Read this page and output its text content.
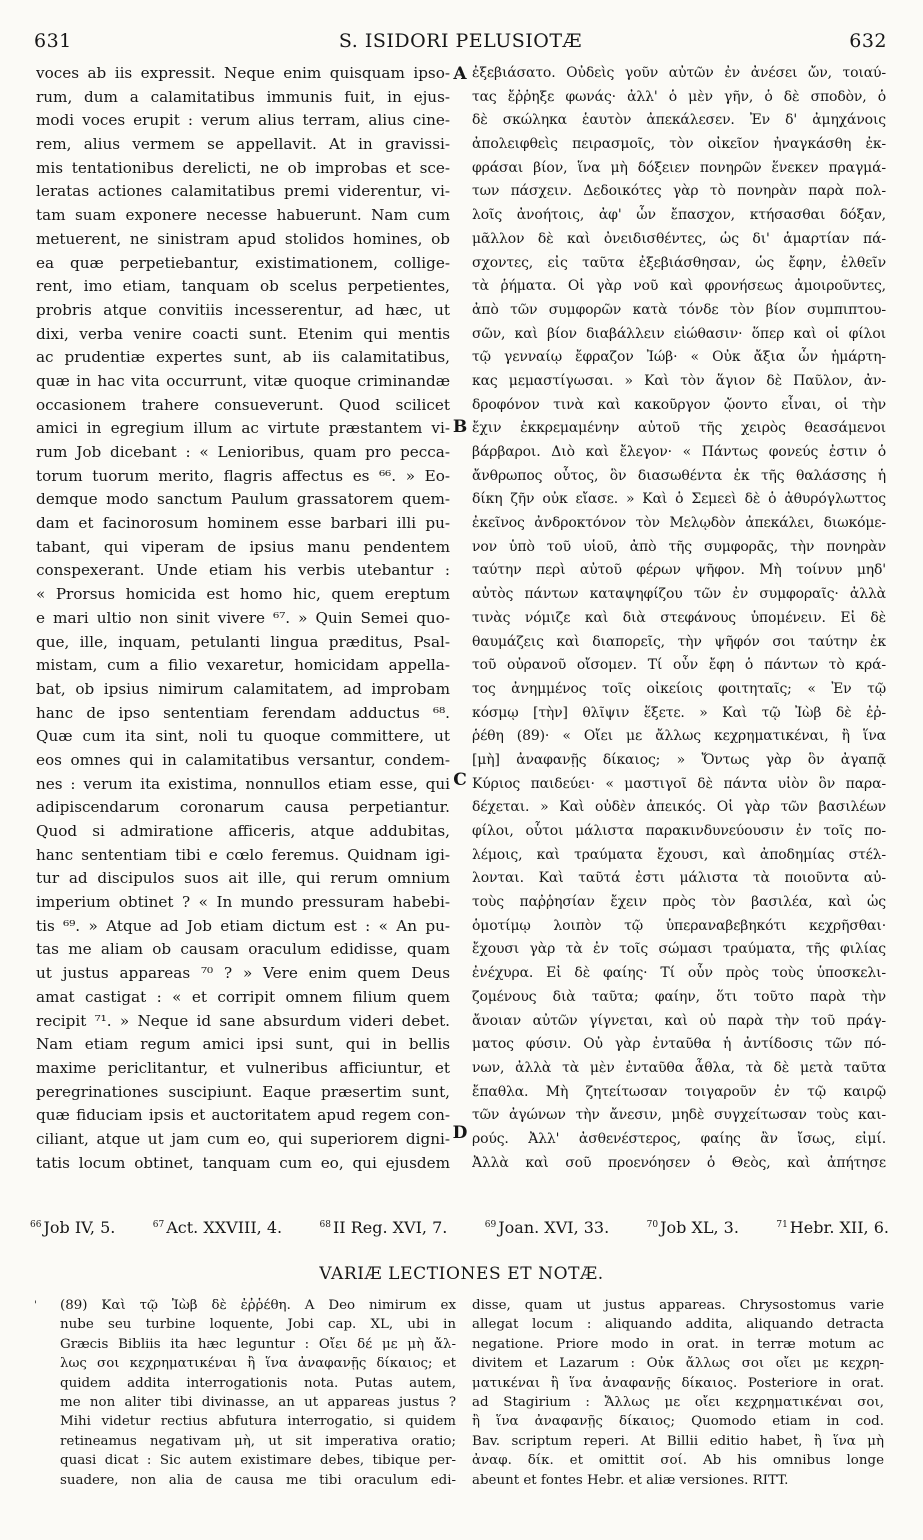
631	S. ISIDORI PELUSIOTÆ	632
voces ab iis expressit. Neque enim quisquam ipso-
rum, dum a calamitatibus immunis fuit, in ejus-
modi voces erupit : verum alius terram, alius cine-
rem, alius vermem se appellavit. At in gravissi-
mis tentationibus derelicti, ne ob improbas et sce-
leratas actiones calamitatibus premi viderentur, vi-
tam suam exponere necesse habuerunt. Nam cum
metuerent, ne sinistram apud stolidos homines, ob
ea quæ perpetiebantur, existimationem, collige-
rent, imo etiam, tanquam ob scelus perpetientes,
probris atque convitiis incesserentur, ad hæc, ut
dixi, verba venire coacti sunt. Etenim qui mentis
ac prudentiæ expertes sunt, ab iis calamitatibus,
quæ in hac vita occurrunt, vitæ quoque criminandæ
occasionem trahere consueverunt. Quod scilicet
amici in egregium illum ac virtute præstantem vi-
rum Job dicebant : « Lenioribus, quam pro pecca-
torum tuorum merito, flagris affectus es ⁶⁶. » Eo-
demque modo sanctum Paulum grassatorem quem-
dam et facinorosum hominem esse barbari illi pu-
tabant, qui viperam de ipsius manu pendentem
conspexerant. Unde etiam his verbis utebantur :
« Prorsus homicida est homo hic, quem ereptum
e mari ultio non sinit vivere ⁶⁷. » Quin Semei quo-
que, ille, inquam, petulanti lingua præditus, Psal-
mistam, cum a filio vexaretur, homicidam appella-
bat, ob ipsius nimirum calamitatem, ad improbam
hanc de ipso sententiam ferendam adductus ⁶⁸.
Quæ cum ita sint, noli tu quoque committere, ut
eos omnes qui in calamitatibus versantur, condem-
nes : verum ita existima, nonnullos etiam esse, qui
adipiscendarum coronarum causa perpetiantur.
Quod si admiratione afficeris, atque addubitas,
hanc sententiam tibi e cœlo feremus. Quidnam igi-
tur ad discipulos suos ait ille, qui rerum omnium
imperium obtinet ? « In mundo pressuram habebi-
tis ⁶⁹. » Atque ad Job etiam dictum est : « An pu-
tas me aliam ob causam oraculum edidisse, quam
ut justus appareas ⁷⁰ ? » Vere enim quem Deus
amat castigat : « et corripit omnem filium quem
recipit ⁷¹. » Neque id sane absurdum videri debet.
Nam etiam regum amici ipsi sunt, qui in bellis
maxime periclitantur, et vulneribus afficiuntur, et
peregrinationes suscipiunt. Eaque præsertim sunt,
quæ fiduciam ipsis et auctoritatem apud regem con-
ciliant, atque ut jam cum eo, qui superiorem digni-
tatis locum obtinet, tanquam cum eo, qui ejusdem
ἐξεβιάσατο. Οὐδεὶς γοῦν αὐτῶν ἐν ἀνέσει ὤν, τοιαύ-
τας ἔῤῥηξε φωνάς· ἀλλ' ὁ μὲν γῆν, ὁ δὲ σποδὸν, ὁ
δὲ σκώληκα ἑαυτὸν ἀπεκάλεσεν. Ἐν δ' ἀμηχάνοις
ἀπολειφθεὶς πειρασμοῖς, τὸν οἰκεῖον ἠναγκάσθη ἐκ-
φράσαι βίον, ἵνα μὴ δόξειεν πονηρῶν ἕνεκεν πραγμά-
των πάσχειν. Δεδοικότες γὰρ τὸ πονηρὰν παρὰ πολ-
λοῖς ἀνοήτοις, ἀφ' ὧν ἔπασχον, κτήσασθαι δόξαν,
μᾶλλον δὲ καὶ ὀνειδισθέντες, ὡς δι' ἁμαρτίαν πά-
σχοντες, εἰς ταῦτα ἐξεβιάσθησαν, ὡς ἔφην, ἐλθεῖν
τὰ ῥήματα. Οἱ γὰρ νοῦ καὶ φρονήσεως ἀμοιροῦντες,
ἀπὸ τῶν συμφορῶν κατὰ τόνδε τὸν βίον συμπιπτου-
σῶν, καὶ βίον διαβάλλειν εἰώθασιν· ὅπερ καὶ οἱ φίλοι
τῷ γενναίῳ ἔφραζον Ἰώβ· « Οὐκ ἄξια ὧν ἡμάρτη-
κας μεμαστίγωσαι. » Καὶ τὸν ἅγιον δὲ Παῦλον, ἀν-
δροφόνον τινὰ καὶ κακοῦργον ᾤοντο εἶναι, οἱ τὴν
ἔχιν ἐκκρεμαμένην αὐτοῦ τῆς χειρὸς θεασάμενοι
βάρβαροι. Διὸ καὶ ἔλεγον· « Πάντως φονεύς ἐστιν ὁ
ἄνθρωπος οὗτος, ὃν διασωθέντα ἐκ τῆς θαλάσσης ἡ
δίκη ζῆν οὐκ εἴασε. » Καὶ ὁ Σεμεεὶ δὲ ὁ ἀθυρόγλωττος
ἐκεῖνος ἀνδροκτόνον τὸν Μελῳδὸν ἀπεκάλει, διωκόμε-
νον ὑπὸ τοῦ υἱοῦ, ἀπὸ τῆς συμφορᾶς, τὴν πονηρὰν
ταύτην περὶ αὐτοῦ φέρων ψῆφον. Μὴ τοίνυν μηδ'
αὐτὸς πάντων καταψηφίζου τῶν ἐν συμφοραῖς· ἀλλὰ
τινὰς νόμιζε καὶ διὰ στεφάνους ὑπομένειν. Εἰ δὲ
θαυμάζεις καὶ διαπορεῖς, τὴν ψῆφόν σοι ταύτην ἐκ
τοῦ οὐρανοῦ οἴσομεν. Τί οὖν ἔφη ὁ πάντων τὸ κρά-
τος ἀνημμένος τοῖς οἰκείοις φοιτηταῖς; « Ἐν τῷ
κόσμῳ [τὴν] θλῖψιν ἕξετε. » Καὶ τῷ Ἰὼβ δὲ ἐῤ-
ῥέθη (89)· « Οἴει με ἄλλως κεχρηματικέναι, ἢ ἵνα
[μὴ] ἀναφανῇς δίκαιος; » Ὄντως γὰρ ὃν ἀγαπᾷ
Κύριος παιδεύει· « μαστιγοῖ δὲ πάντα υἱὸν ὃν παρα-
δέχεται. » Καὶ οὐδὲν ἀπεικός. Οἱ γὰρ τῶν βασιλέων
φίλοι, οὗτοι μάλιστα παρακινδυνεύουσιν ἐν τοῖς πο-
λέμοις, καὶ τραύματα ἔχουσι, καὶ ἀποδημίας στέλ-
λονται. Καὶ ταῦτά ἐστι μάλιστα τὰ ποιοῦντα αὐ-
τοὺς παῤῥησίαν ἔχειν πρὸς τὸν βασιλέα, καὶ ὡς
ὁμοτίμῳ λοιπὸν τῷ ὑπεραναβεβηκότι κεχρῆσθαι·
ἔχουσι γὰρ τὰ ἐν τοῖς σώμασι τραύματα, τῆς φιλίας
ἐνέχυρα. Εἰ δὲ φαίης· Τί οὖν πρὸς τοὺς ὑποσκελι-
ζομένους διὰ ταῦτα; φαίην, ὅτι τοῦτο παρὰ τὴν
ἄνοιαν αὐτῶν γίγνεται, καὶ οὐ παρὰ τὴν τοῦ πράγ-
ματος φύσιν. Οὐ γὰρ ἐνταῦθα ἡ ἀντίδοσις τῶν πό-
νων, ἀλλὰ τὰ μὲν ἐνταῦθα ἆθλα, τὰ δὲ μετὰ ταῦτα
ἔπαθλα. Μὴ ζητείτωσαν τοιγαροῦν ἐν τῷ καιρῷ
τῶν ἀγώνων τὴν ἄνεσιν, μηδὲ συγχείτωσαν τοὺς και-
ρούς. Ἀλλ' ἀσθενέστερος, φαίης ἂν ἴσως, εἰμί.
Ἀλλὰ καὶ σοῦ προενόησεν ὁ Θεὸς, καὶ ἀπήτησε
A
B
C
D
$^{66}$ Job IV, 5.	$^{67}$ Act. XXVIII, 4.	$^{68}$ II Reg. XVI, 7.	$^{69}$ Joan. XVI, 33.	$^{70}$ Job XL, 3.	$^{71}$ Hebr. XII, 6.
VARIÆ LECTIONES ET NOTÆ.
' (89) Καὶ τῷ Ἰὼβ δὲ ἐῤῥέθη. A Deo nimirum ex
nube seu turbine loquente, Jobi cap. XL, ubi in
Græcis Bibliis ita hæc leguntur : Οἴει δέ με μὴ ἄλ-
λως σοι κεχρηματικέναι ἢ ἵνα ἀναφανῇς δίκαιος; et
quidem addita interrogationis nota. Putas autem,
me non aliter tibi divinasse, an ut appareas justus ?
Mihi videtur rectius abfutura interrogatio, si quidem
retineamus negativam μὴ, ut sit imperativa oratio;
quasi dicat : Sic autem existimare debes, tibique per-
suadere, non alia de causa me tibi oraculum edi-
disse, quam ut justus appareas. Chrysostomus varie
allegat locum : aliquando addita, aliquando detracta
negatione. Priore modo in orat. in terræ motum ac
divitem et Lazarum : Οὐκ ἄλλως σοι οἴει με κεχρη-
ματικέναι ἢ ἵνα ἀναφανῇς δίκαιος. Posteriore in orat.
ad Stagirium : Ἄλλως με οἴει κεχρηματικέναι σοι,
ἢ ἵνα ἀναφανῇς δίκαιος; Quomodo etiam in cod.
Bav. scriptum reperi. At Billii editio habet, ἢ ἵνα μὴ
ἀναφ. δίκ. et omittit σοί. Ab his omnibus longe
abeunt et fontes Hebr. et aliæ versiones. RITT.
